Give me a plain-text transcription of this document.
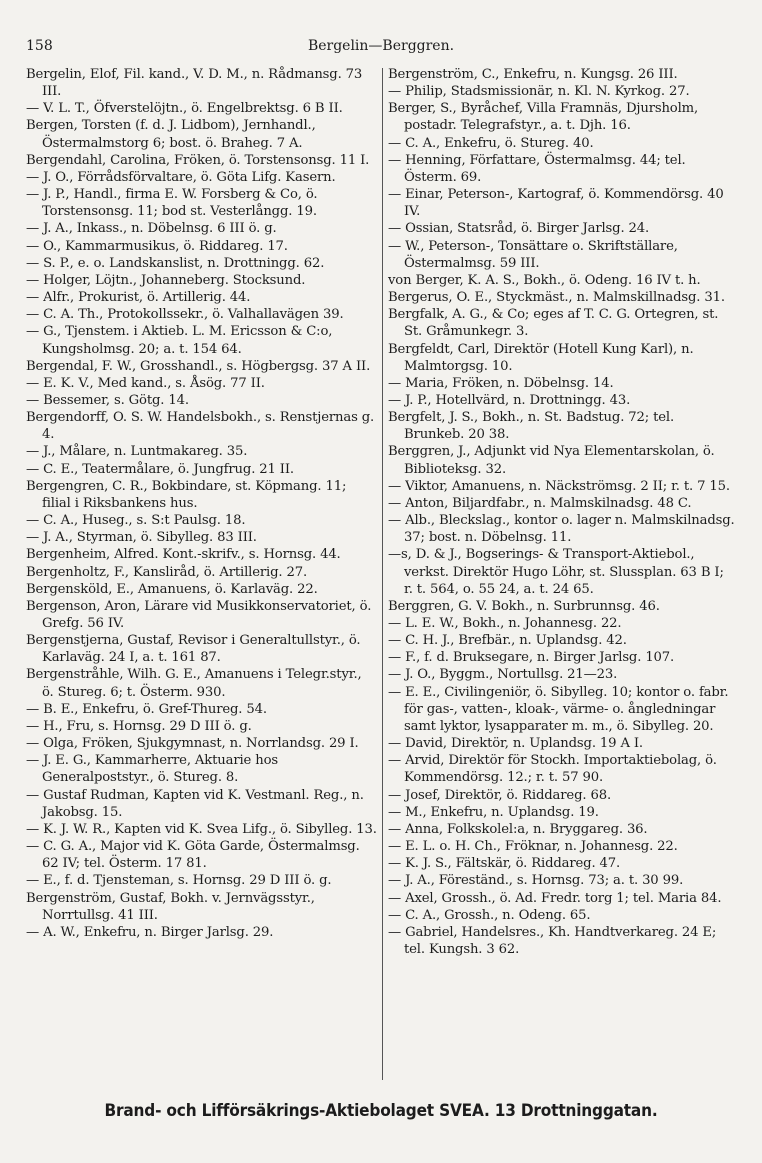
158	Bergelin—Berggren.
Bergelin, Elof, Fil. kand., V. D. M., n. Rådmansg. 73 III.
— V. L. T., Öfverstelöjtn., ö. Engelbrektsg. 6 B II.
Bergen, Torsten (f. d. J. Lidbom), Jernhandl., Östermalmstorg 6; bost. ö. Braheg. 7 A.
Bergendahl, Carolina, Fröken, ö. Torstensonsg. 11 I.
— J. O., Förrådsförvaltare, ö. Göta Lifg. Kasern.
— J. P., Handl., firma E. W. Forsberg & Co, ö. Torstensonsg. 11; bod st. Vesterlångg. 19.
— J. A., Inkass., n. Döbelnsg. 6 III ö. g.
— O., Kammarmusikus, ö. Riddareg. 17.
— S. P., e. o. Landskanslist, n. Drottningg. 62.
— Holger, Löjtn., Johanneberg. Stocksund.
— Alfr., Prokurist, ö. Artillerig. 44.
— C. A. Th., Protokollssekr., ö. Valhallavägen 39.
— G., Tjenstem. i Aktieb. L. M. Ericsson & C:o, Kungsholmsg. 20; a. t. 154 64.
Bergendal, F. W., Grosshandl., s. Högbergsg. 37 A II.
— E. K. V., Med kand., s. Åsög. 77 II.
— Bessemer, s. Götg. 14.
Bergendorff, O. S. W. Handelsbokh., s. Renstjernas g. 4.
— J., Målare, n. Luntmakareg. 35.
— C. E., Teatermålare, ö. Jungfrug. 21 II.
Bergengren, C. R., Bokbindare, st. Köpmang. 11; filial i Riksbankens hus.
— C. A., Huseg., s. S:t Paulsg. 18.
— J. A., Styrman, ö. Sibylleg. 83 III.
Bergenheim, Alfred. Kont.-skrifv., s. Hornsg. 44.
Bergenholtz, F., Kanslіråd, ö. Artillerig. 27.
Bergensköld, E., Amanuens, ö. Karlaväg. 22.
Bergenson, Aron, Lärare vid Musikkonservatoriet, ö. Grefg. 56 IV.
Bergenstjerna, Gustaf, Revisor i Generaltullstyr., ö. Karlaväg. 24 I, a. t. 161 87.
Bergenstråhle, Wilh. G. E., Amanuens i Telegr.styr., ö. Stureg. 6; t. Österm. 930.
— B. E., Enkefru, ö. Gref-Thureg. 54.
— H., Fru, s. Hornsg. 29 D III ö. g.
— Olga, Fröken, Sjukgymnast, n. Norrlandsg. 29 I.
— J. E. G., Kammarherre, Aktuarie hos Generalpoststyr., ö. Stureg. 8.
— Gustaf Rudman, Kapten vid K. Vestmanl. Reg., n. Jakobsg. 15.
— K. J. W. R., Kapten vid K. Svea Lifg., ö. Sibylleg. 13.
— C. G. A., Major vid K. Göta Garde, Östermalmsg. 62 IV; tel. Österm. 17 81.
— E., f. d. Tjensteman, s. Hornsg. 29 D III ö. g.
Bergenström, Gustaf, Bokh. v. Jernvägsstyr., Norrtullsg. 41 III.
— A. W., Enkefru, n. Birger Jarlsg. 29.
Bergenström, C., Enkefru, n. Kungsg. 26 III.
— Philip, Stadsmissionär, n. Kl. N. Kyrkog. 27.
Berger, S., Byråchef, Villa Framnäs, Djursholm, postadr. Telegrafstyr., a. t. Djh. 16.
— C. A., Enkefru, ö. Stureg. 40.
— Henning, Författare, Östermalmsg. 44; tel. Österm. 69.
— Einar, Peterson-, Kartograf, ö. Kommendörsg. 40 IV.
— Ossian, Statsråd, ö. Birger Jarlsg. 24.
— W., Peterson-, Tonsättare o. Skriftställare, Östermalmsg. 59 III.
von Berger, K. A. S., Bokh., ö. Odeng. 16 IV t. h.
Bergerus, O. E., Styckmäst., n. Malmskillnadsg. 31.
Bergfalk, A. G., & Co; eges af T. C. G. Ortegren, st. St. Gråmunkegr. 3.
Bergfeldt, Carl, Direktör (Hotell Kung Karl), n. Malmtorgsg. 10.
— Maria, Fröken, n. Döbelnsg. 14.
— J. P., Hotellvärd, n. Drottningg. 43.
Bergfelt, J. S., Bokh., n. St. Badstug. 72; tel. Brunkeb. 20 38.
Berggren, J., Adjunkt vid Nya Elementarskolan, ö. Biblioteksg. 32.
— Viktor, Amanuens, n. Näckströmsg. 2 II; r. t. 7 15.
— Anton, Biljardfabr., n. Malmskilnadsg. 48 C.
— Alb., Bleckslag., kontor o. lager n. Malmskilnadsg. 37; bost. n. Döbelnsg. 11.
—s, D. & J., Bogserings- & Transport-Aktiebol., verkst. Direktör Hugo Löhr, st. Slussplan. 63 B I; r. t. 564, o. 55 24, a. t. 24 65.
Berggren, G. V. Bokh., n. Surbrunnsg. 46.
— L. E. W., Bokh., n. Johannesg. 22.
— C. H. J., Brefbär., n. Uplandsg. 42.
— F., f. d. Bruksegare, n. Birger Jarlsg. 107.
— J. O., Byggm., Nortullsg. 21—23.
— E. E., Civilingeniör, ö. Sibylleg. 10; kontor o. fabr. för gas-, vatten-, kloak-, värme- o. ångledningar samt lyktor, lysapparater m. m., ö. Sibylleg. 20.
— David, Direktör, n. Uplandsg. 19 A I.
— Arvid, Direktör för Stockh. Importaktiebolag, ö. Kommendörsg. 12.; r. t. 57 90.
— Josef, Direktör, ö. Riddareg. 68.
— M., Enkefru, n. Uplandsg. 19.
— Anna, Folkskolel:a, n. Bryggareg. 36.
— E. L. o. H. Ch., Fröknar, n. Johannesg. 22.
— K. J. S., Fältskär, ö. Riddareg. 47.
— J. A., Föreständ., s. Hornsg. 73; a. t. 30 99.
— Axel, Grossh., ö. Ad. Fredr. torg 1; tel. Maria 84.
— C. A., Grossh., n. Odeng. 65.
— Gabriel, Handelsres., Kh. Handtverkareg. 24 E; tel. Kungsh. 3 62.
Brand- och Lifförsäkrings-Aktiebolaget SVEA. 13 Drottninggatan.
